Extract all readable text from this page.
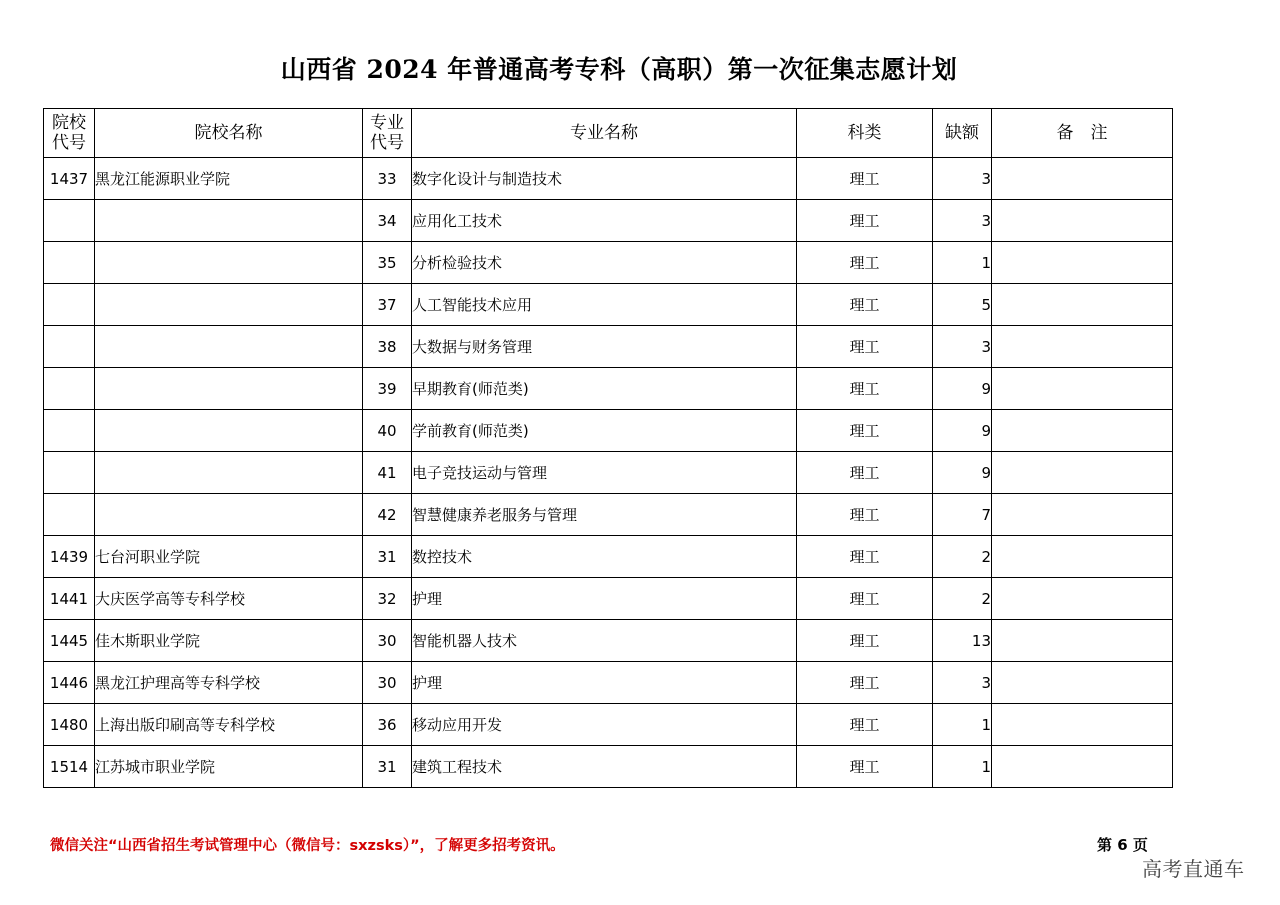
山西省 2024 年普通高考专科（高职）第一次征集志愿计划
院校代号	院校名称	专业代号	专业名称	科类	缺额	备　注
1437	黑龙江能源职业学院	33	数字化设计与制造技术	理工	3	
		34	应用化工技术	理工	3	
		35	分析检验技术	理工	1	
		37	人工智能技术应用	理工	5	
		38	大数据与财务管理	理工	3	
		39	早期教育(师范类)	理工	9	
		40	学前教育(师范类)	理工	9	
		41	电子竞技运动与管理	理工	9	
		42	智慧健康养老服务与管理	理工	7	
1439	七台河职业学院	31	数控技术	理工	2	
1441	大庆医学高等专科学校	32	护理	理工	2	
1445	佳木斯职业学院	30	智能机器人技术	理工	13	
1446	黑龙江护理高等专科学校	30	护理	理工	3	
1480	上海出版印刷高等专科学校	36	移动应用开发	理工	1	
1514	江苏城市职业学院	31	建筑工程技术	理工	1	
微信关注“山西省招生考试管理中心（微信号：sxzsks）”，了解更多招考资讯。	第 6 页
高考直通车
